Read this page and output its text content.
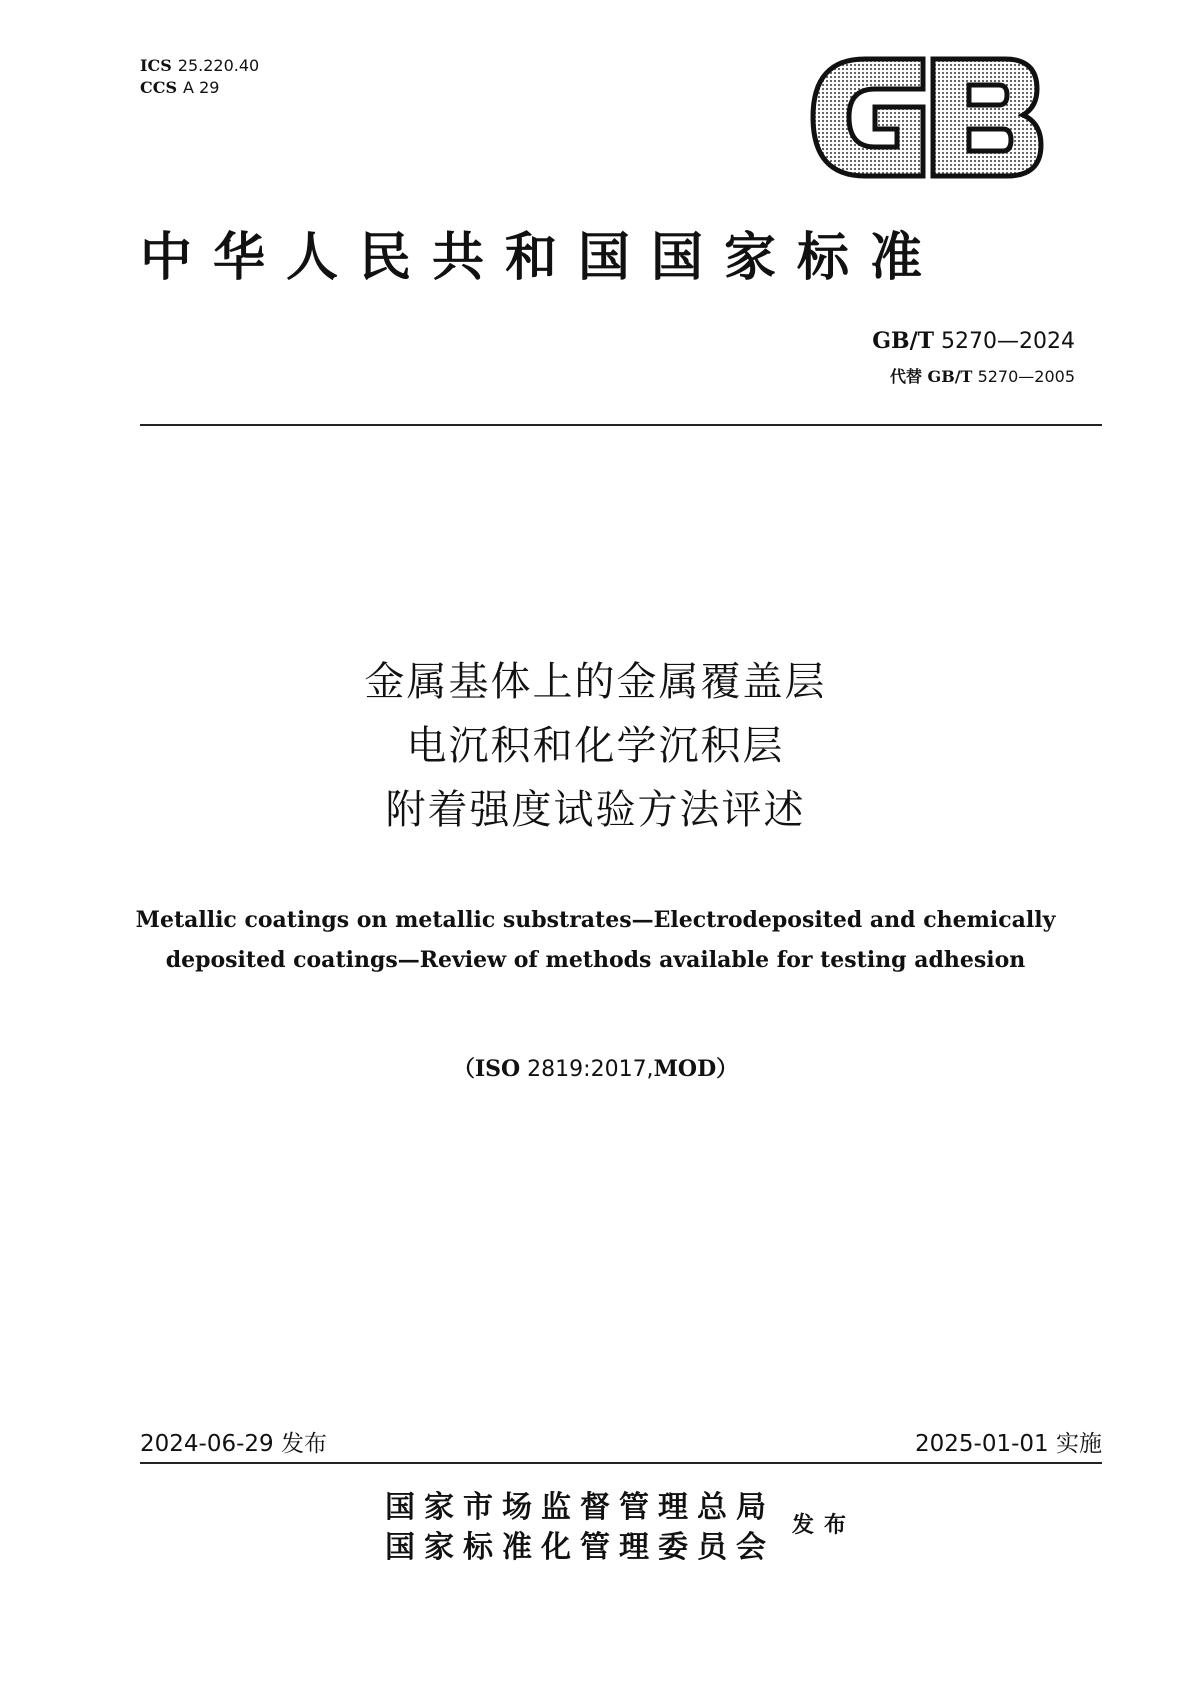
ICS 25.220.40
CCS A 29
中华人民共和国国家标准
GB/T 5270—2024
代替 GB/T 5270—2005
金属基体上的金属覆盖层
电沉积和化学沉积层
附着强度试验方法评述
Metallic coatings on metallic substrates—Electrodeposited and chemically
deposited coatings—Review of methods available for testing adhesion
（ISO 2819:2017,MOD）
2024-06-29 发布	2025-01-01 实施
国家市场监督管理总局
国家标准化管理委员会
发布
